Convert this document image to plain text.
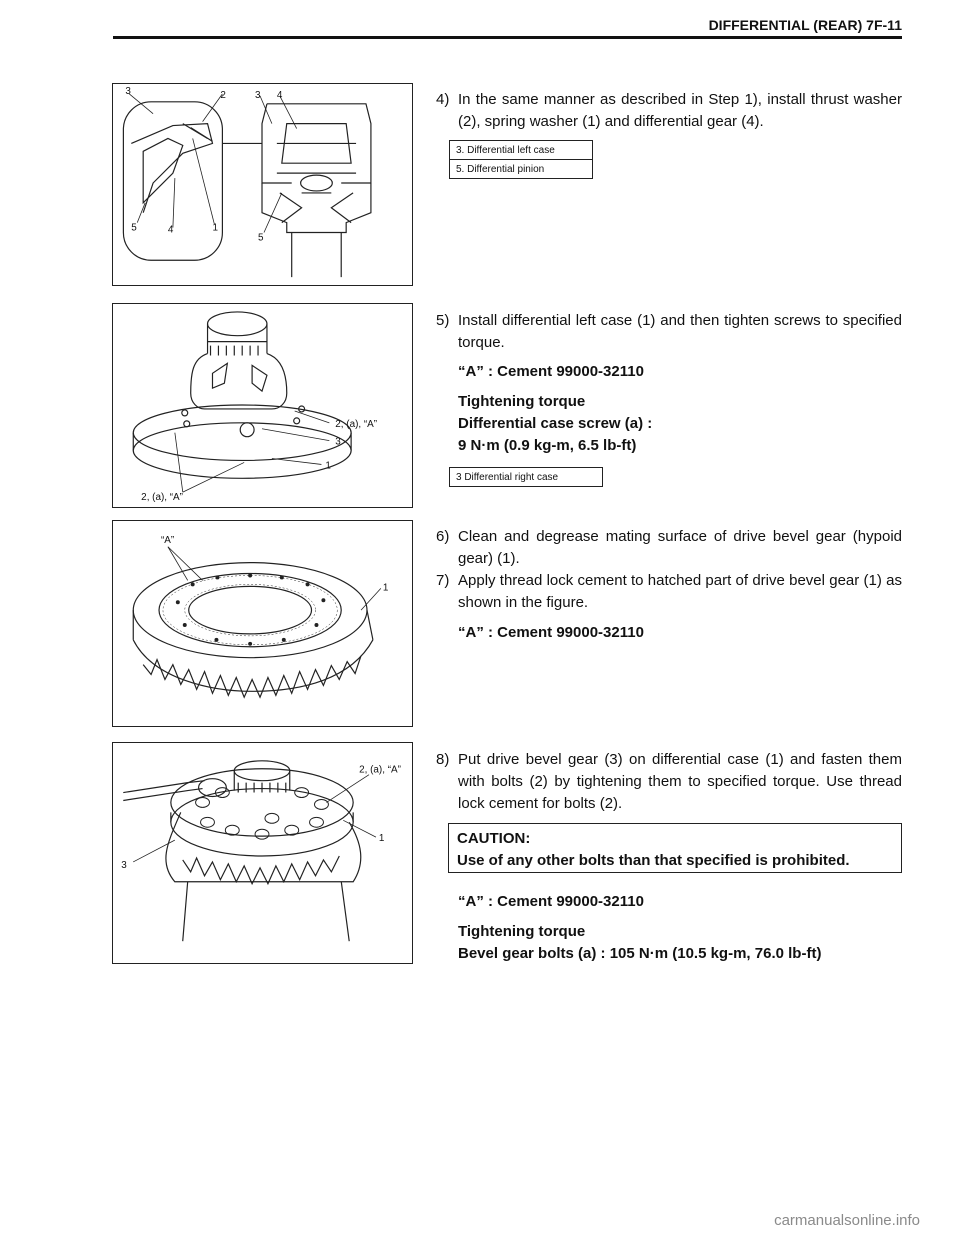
DIFFERENTIAL (REAR) 7F-11
3	2	3 4
5	4	1
5
4) In the same manner as described in Step 1), install thrust washer (2), spring washer (1) and differential gear (4).
3. Differential left case
5. Differential pinion
2, (a), “A”
3
1
2, (a), “A”
5) Install differential left case (1) and then tighten screws to specified torque.
“A” : Cement 99000-32110
Tightening torque
Differential case screw (a) :
9 N·m (0.9 kg-m, 6.5 lb-ft)
3 Differential right case
“A”
1
6) Clean and degrease mating surface of drive bevel gear (hypoid gear) (1).
7) Apply thread lock cement to hatched part of drive bevel gear (1) as shown in the figure.
“A” : Cement 99000-32110
2, (a), “A”
1
3
8) Put drive bevel gear (3) on differential case (1) and fasten them with bolts (2) by tightening them to specified torque. Use thread lock cement for bolts (2).
CAUTION:
Use of any other bolts than that specified is prohibited.
“A” : Cement 99000-32110
Tightening torque
Bevel gear bolts (a) : 105 N·m (10.5 kg-m, 76.0 lb-ft)
carmanualsonline.info
